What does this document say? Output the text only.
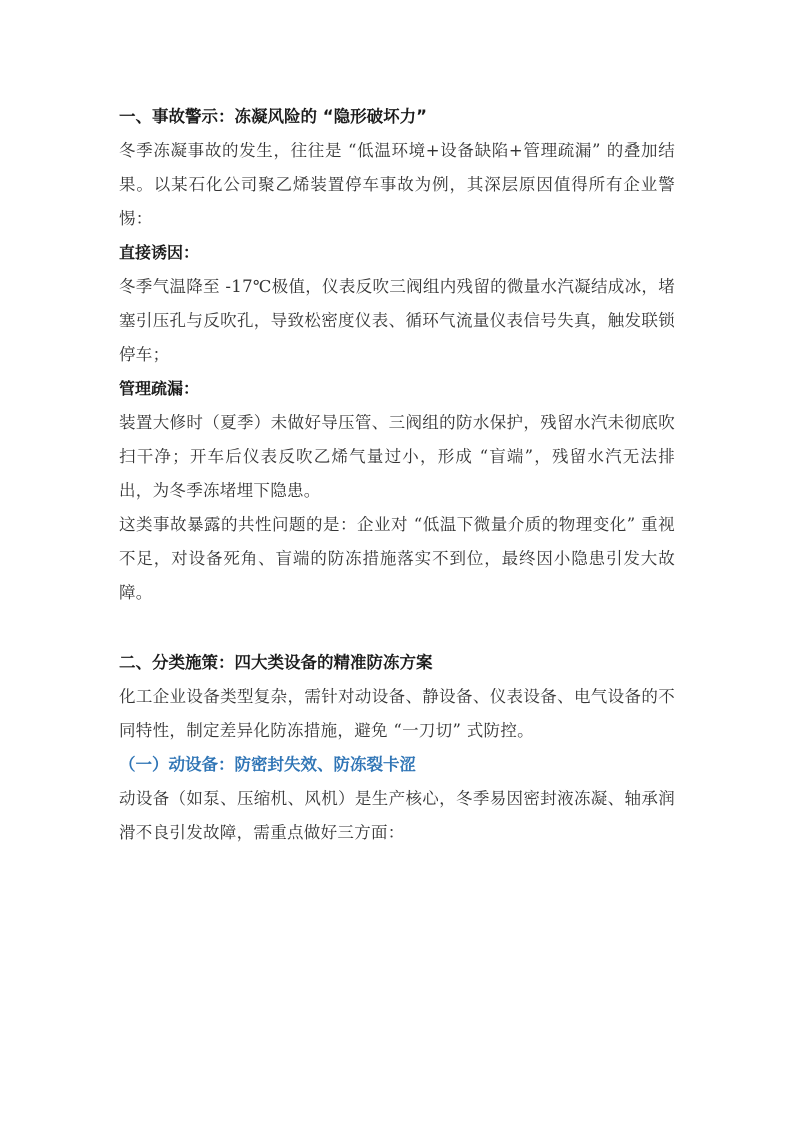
一、事故警示：冻凝风险的 “隐形破坏力”

冬季冻凝事故的发生，往往是 “低温环境+设备缺陷+管理疏漏” 的叠加结果。以某石化公司聚乙烯装置停车事故为例，其深层原因值得所有企业警惕：

直接诱因：

冬季气温降至 -17℃极值，仪表反吹三阀组内残留的微量水汽凝结成冰，堵塞引压孔与反吹孔，导致松密度仪表、循环气流量仪表信号失真，触发联锁停车；

管理疏漏：

装置大修时（夏季）未做好导压管、三阀组的防水保护，残留水汽未彻底吹扫干净；开车后仪表反吹乙烯气量过小，形成 “盲端”，残留水汽无法排出，为冬季冻堵埋下隐患。

这类事故暴露的共性问题的是：企业对 “低温下微量介质的物理变化” 重视不足，对设备死角、盲端的防冻措施落实不到位，最终因小隐患引发大故障。

二、分类施策：四大类设备的精准防冻方案

化工企业设备类型复杂，需针对动设备、静设备、仪表设备、电气设备的不同特性，制定差异化防冻措施，避免 “一刀切” 式防控。

（一）动设备：防密封失效、防冻裂卡涩

动设备（如泵、压缩机、风机）是生产核心，冬季易因密封液冻凝、轴承润滑不良引发故障，需重点做好三方面：
